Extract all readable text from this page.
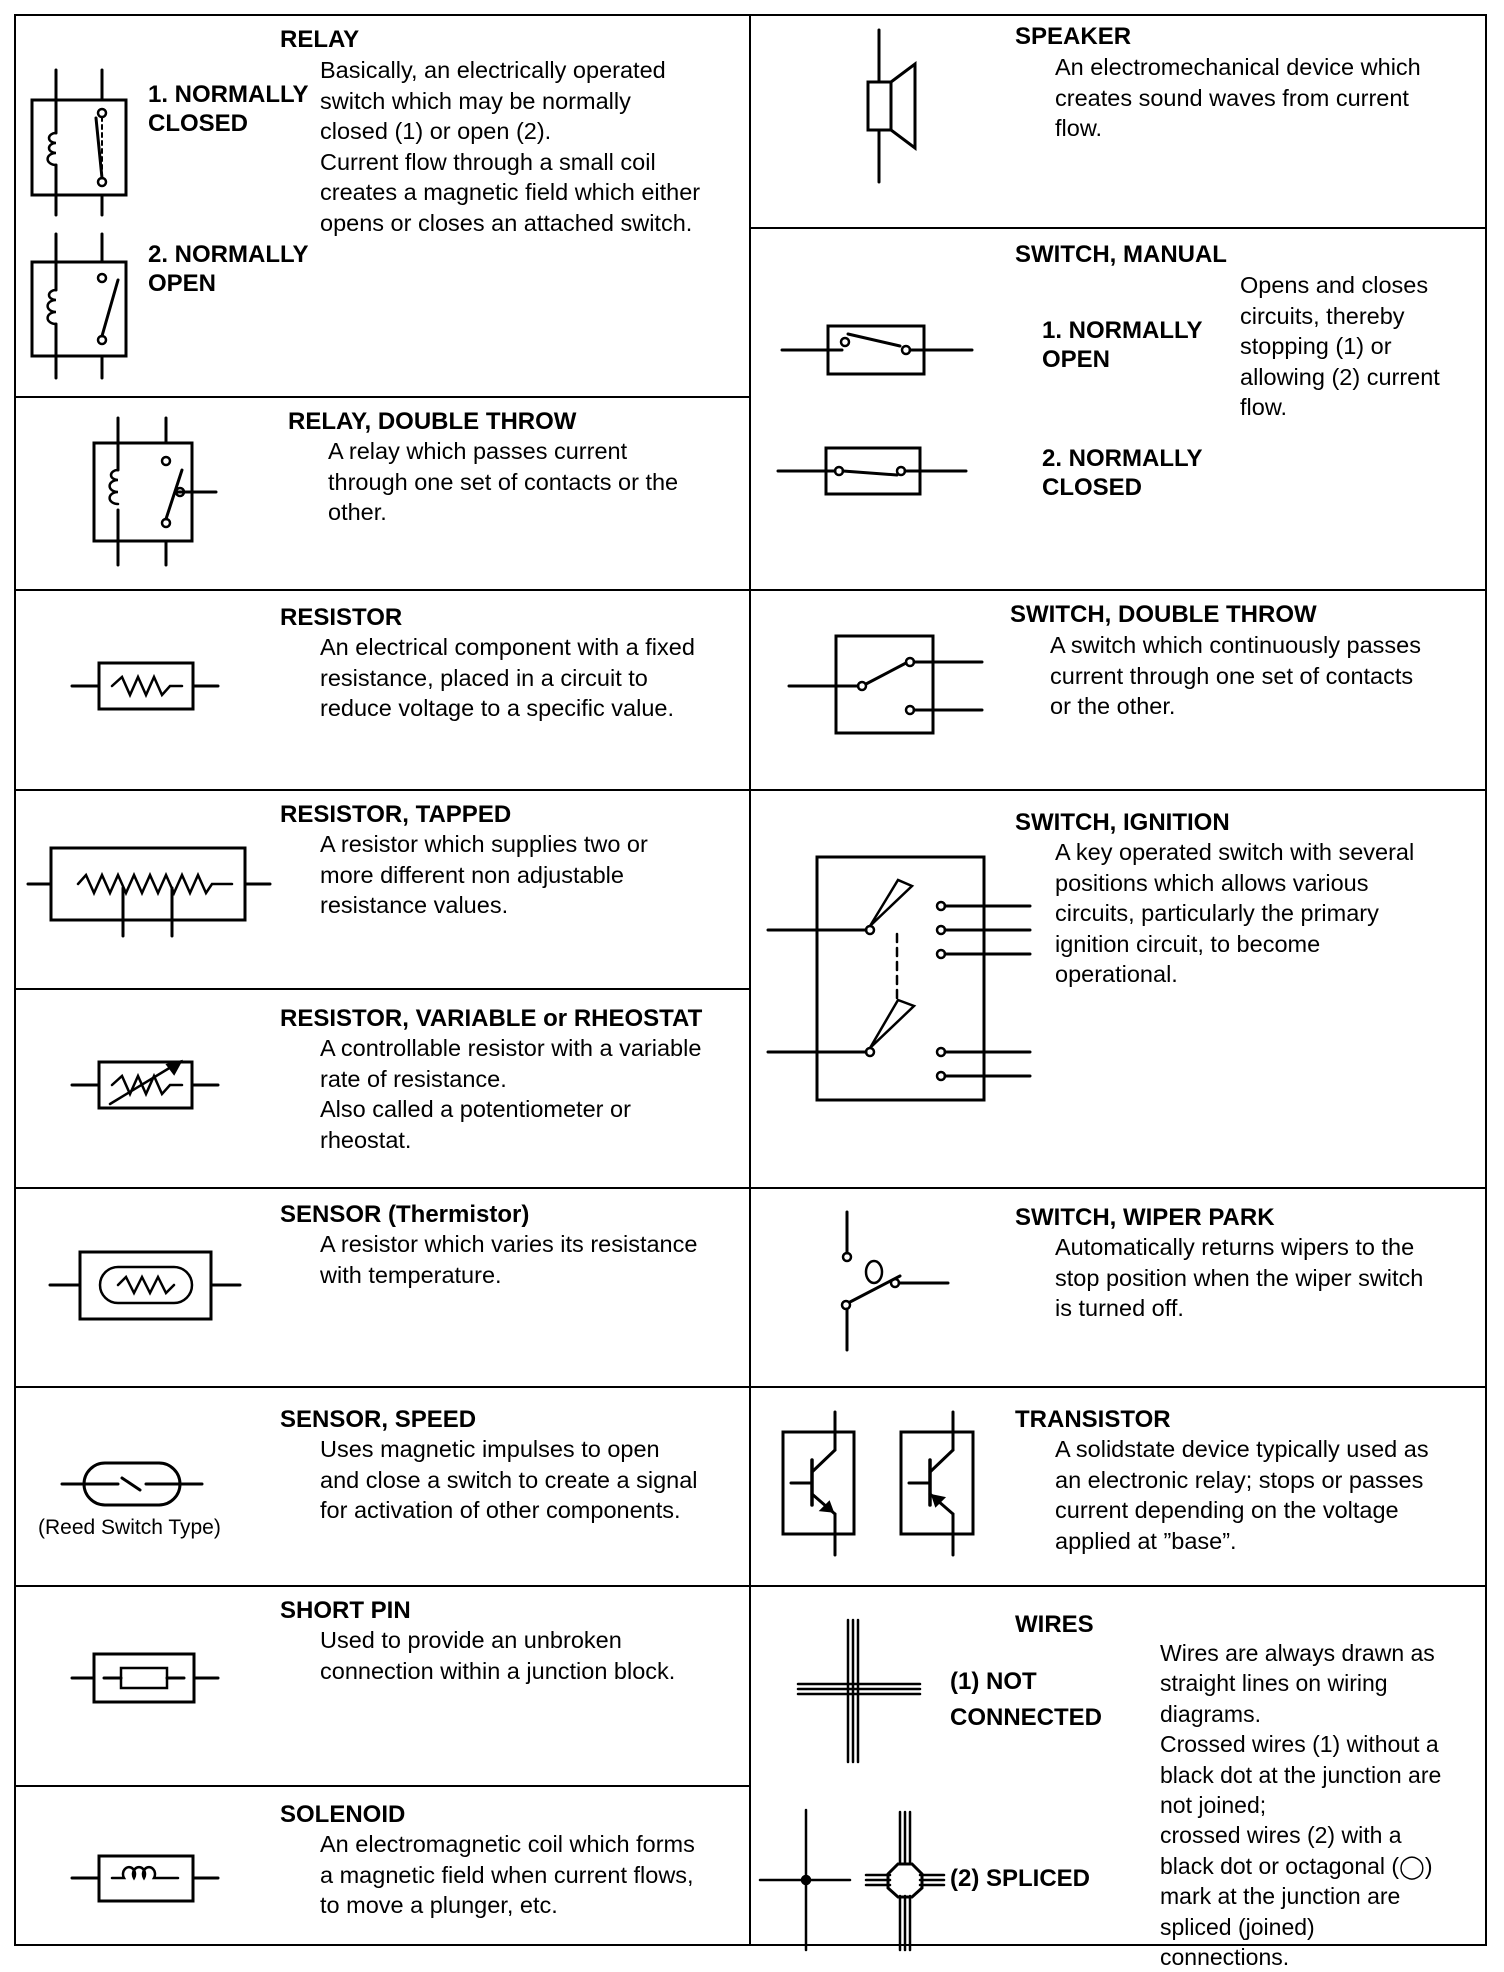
RELAY
1. NORMALLY
CLOSED
2. NORMALLY
OPEN
Basically, an electrically operated
switch which may be normally
closed (1) or open (2).
Current flow through a small coil
creates a magnetic field which either
opens or closes an attached switch.
RELAY, DOUBLE THROW
A relay which passes current
through one set of contacts or the
other.
RESISTOR
An electrical component with a fixed
resistance, placed in a circuit to
reduce voltage to a specific value.
RESISTOR, TAPPED
A resistor which supplies two or
more different non adjustable
resistance values.
RESISTOR, VARIABLE or RHEOSTAT
A controllable resistor with a variable
rate of resistance.
Also called a potentiometer or
rheostat.
SENSOR (Thermistor)
A resistor which varies its resistance
with temperature.
SENSOR, SPEED
Uses magnetic impulses to open
and close a switch to create a signal
for activation of other components.
(Reed Switch Type)
SHORT PIN
Used to provide an unbroken
connection within a junction block.
SOLENOID
An electromagnetic coil which forms
a magnetic field when current flows,
to move a plunger, etc.
SPEAKER
An electromechanical device which
creates sound waves from current
flow.
SWITCH, MANUAL
1. NORMALLY
OPEN
2. NORMALLY
CLOSED
Opens and closes
circuits, thereby
stopping (1) or
allowing (2) current
flow.
SWITCH, DOUBLE THROW
A switch which continuously passes
current through one set of contacts
or the other.
SWITCH, IGNITION
A key operated switch with several
positions which allows various
circuits, particularly the primary
ignition circuit, to become
operational.
SWITCH, WIPER PARK
Automatically returns wipers to the
stop position when the wiper switch
is turned off.
TRANSISTOR
A solidstate device typically used as
an electronic relay; stops or passes
current depending on the voltage
applied at ”base”.
WIRES
(1) NOT
CONNECTED
(2) SPLICED
Wires are always drawn as
straight lines on wiring
diagrams.
Crossed wires (1) without a
black dot at the junction are
not joined;
crossed wires (2) with a
black dot or octagonal (◯)
mark at the junction are
spliced (joined)
connections.
